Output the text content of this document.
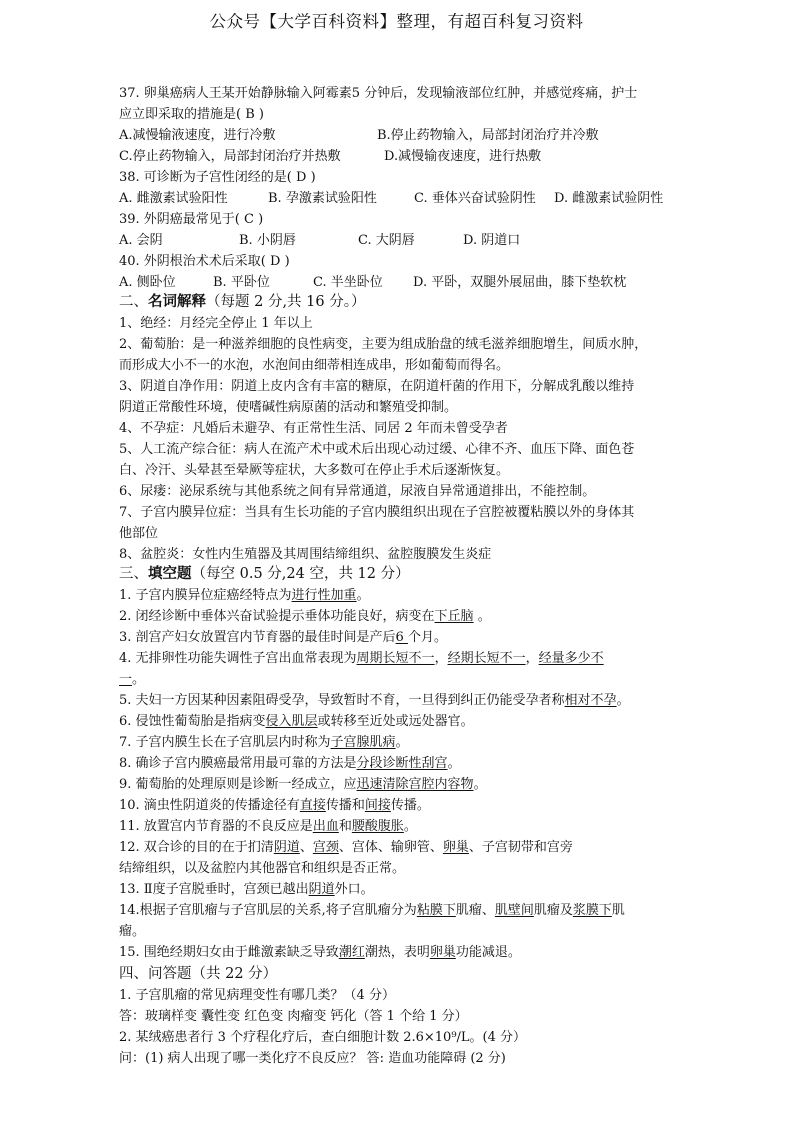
公众号【大学百科资料】整理，有超百科复习资料
37. 卵巢癌病人王某开始静脉输入阿霉素5 分钟后，发现输液部位红肿，并感觉疼痛，护士
应立即采取的措施是( B )
A.减慢输液速度，进行冷敷	B.停止药物输入，局部封闭治疗并冷敷
C.停止药物输入，局部封闭治疗并热敷	D.减慢输夜速度，进行热敷
38. 可诊断为子宫性闭经的是( D )
A. 雌激素试验阳性	B. 孕激素试验阳性	C. 垂体兴奋试验阴性 D. 雌激素试验阴性
39. 外阴癌最常见于( C )
A. 会阴	B. 小阴唇	C. 大阴唇	D. 阴道口
40. 外阴根治术术后采取( D )
A. 侧卧位	B. 平卧位	C. 半坐卧位 D. 平卧，双腿外展屈曲，膝下垫软枕
二、名词解释（每题 2 分,共 16 分。）
1、绝经：月经完全停止 1 年以上
2、葡萄胎：是一种滋养细胞的良性病变，主要为组成胎盘的绒毛滋养细胞增生，间质水肿，
而形成大小不一的水泡，水泡间由细蒂相连成串，形如葡萄而得名。
3、阴道自净作用：阴道上皮内含有丰富的糖原，在阴道杆菌的作用下，分解成乳酸以维持
阴道正常酸性环境，使嗜碱性病原菌的活动和繁殖受抑制。
4、不孕症：凡婚后未避孕、有正常性生活、同居 2 年而未曾受孕者
5、人工流产综合征：病人在流产术中或术后出现心动过缓、心律不齐、血压下降、面色苍
白、冷汗、头晕甚至晕厥等症状，大多数可在停止手术后逐渐恢复。
6、尿瘘：泌尿系统与其他系统之间有异常通道，尿液自异常通道排出，不能控制。
7、子宫内膜异位症：当具有生长功能的子宫内膜组织出现在子宫腔被覆粘膜以外的身体其
他部位
8、盆腔炎：女性内生殖器及其周围结缔组织、盆腔腹膜发生炎症
三、填空题（每空 0.5 分,24 空，共 12 分）
1. 子宫内膜异位症癌经特点为进行性加重。
2. 闭经诊断中垂体兴奋试验提示垂体功能良好，病变在下丘脑 。
3. 剖宫产妇女放置宫内节育器的最佳时间是产后6 个月。
4. 无排卵性功能失调性子宫出血常表现为周期长短不一，经期长短不一，经量多少不
一。
5. 夫妇一方因某种因素阻碍受孕，导致暂时不育，一旦得到纠正仍能受孕者称相对不孕。
6. 侵蚀性葡萄胎是指病变侵入肌层或转移至近处或远处器官。
7. 子宫内膜生长在子宫肌层内时称为子宫腺肌病。
8. 确诊子宫内膜癌最常用最可靠的方法是分段诊断性刮宫。
9. 葡萄胎的处理原则是诊断一经成立，应迅速清除宫腔内容物。
10. 滴虫性阴道炎的传播途径有直接传播和间接传播。
11. 放置宫内节育器的不良反应是出血和腰酸腹胀。
12. 双合诊的目的在于扪清阴道、宫颈、宫体、输卵管、卵巢、子宫韧带和宫旁
结缔组织，以及盆腔内其他器官和组织是否正常。
13. Ⅱ度子宫脱垂时，宫颈已越出阴道外口。
14.根据子宫肌瘤与子宫肌层的关系,将子宫肌瘤分为粘膜下肌瘤、肌壁间肌瘤及浆膜下肌
瘤。
15. 围绝经期妇女由于雌激素缺乏导致潮红潮热，表明卵巢功能减退。
四、问答题（共 22 分）
1. 子宫肌瘤的常见病理变性有哪几类？（4 分）
答：玻璃样变 囊性变 红色变 肉瘤变 钙化（答 1 个给 1 分）
2. 某绒癌患者行 3 个疗程化疗后，查白细胞计数 2.6×10⁹/L。(4 分）
问：(1) 病人出现了哪一类化疗不良反应？ 答: 造血功能障碍 (2 分)
